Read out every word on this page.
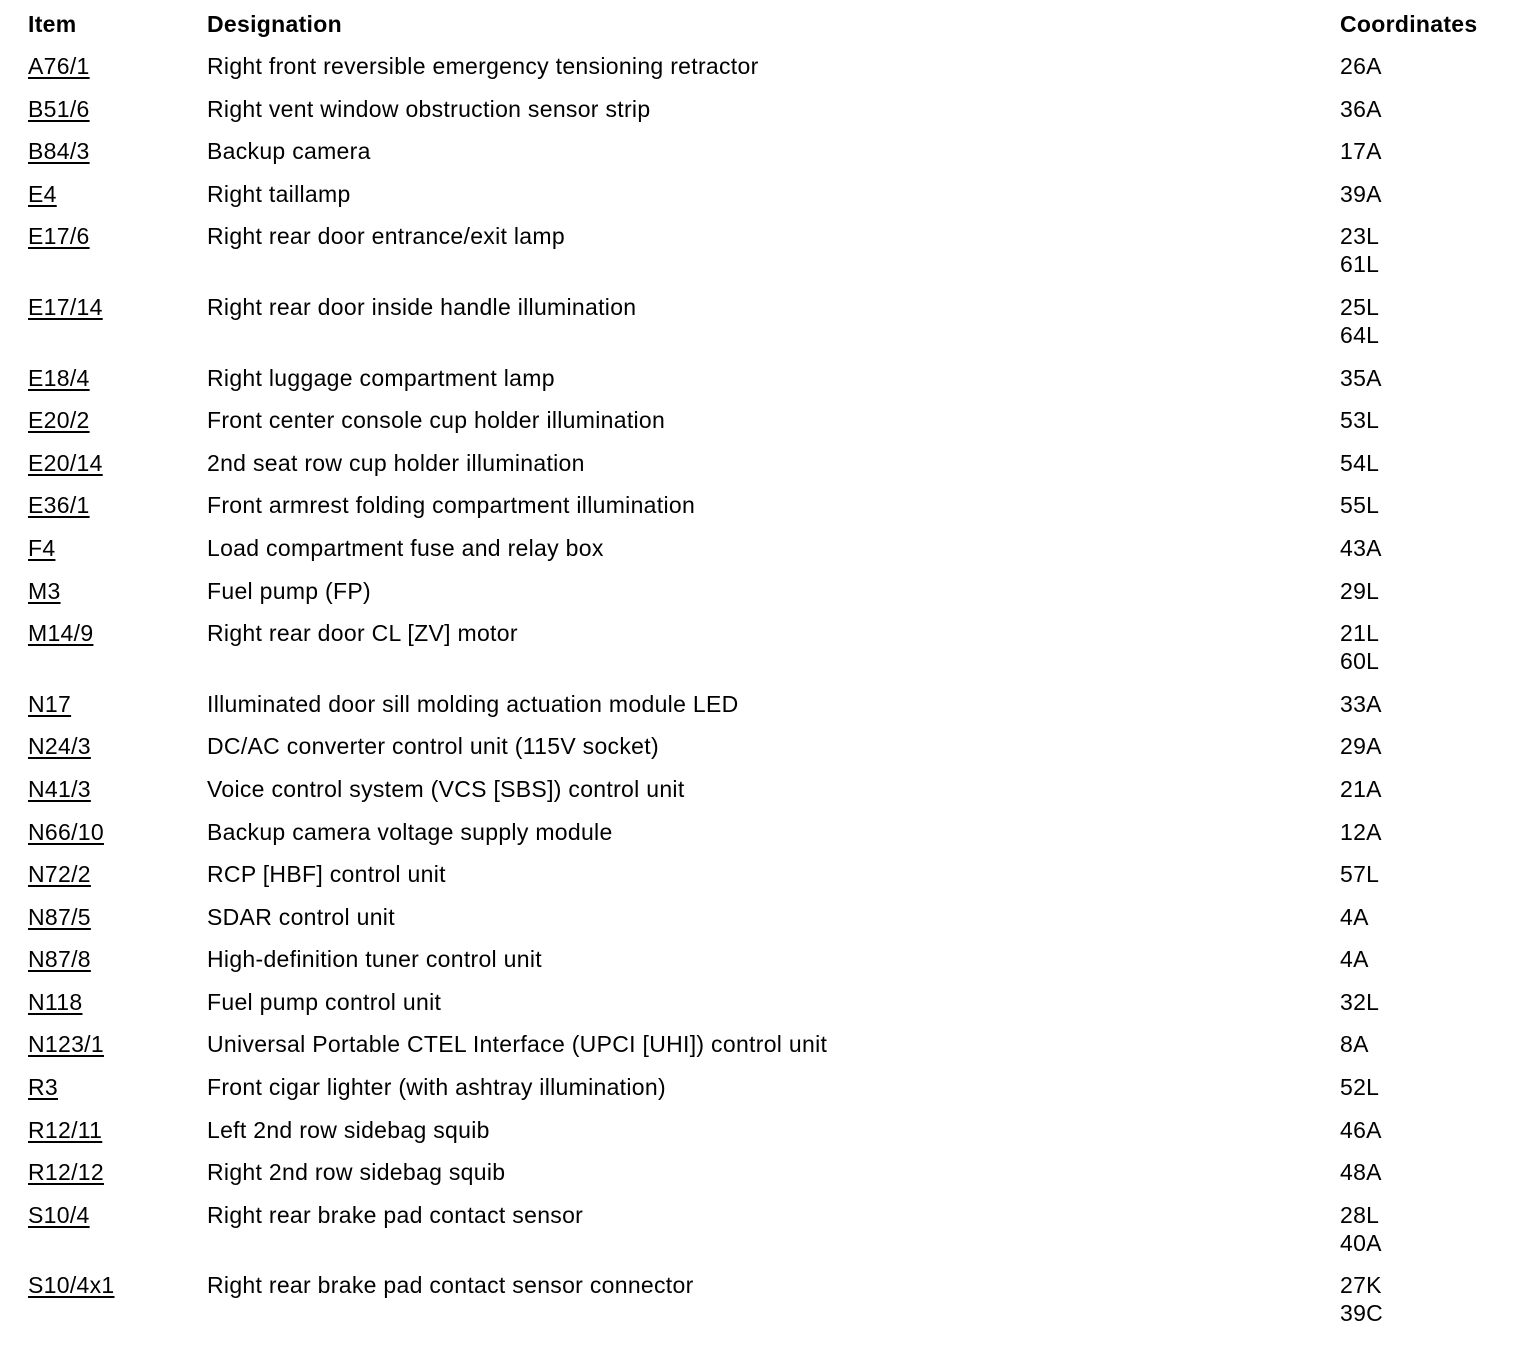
Item	Designation	Coordinates
A76/1	Right front reversible emergency tensioning retractor	26A
B51/6	Right vent window obstruction sensor strip	36A
B84/3	Backup camera	17A
E4	Right taillamp	39A
E17/6	Right rear door entrance/exit lamp	23L
61L
E17/14	Right rear door inside handle illumination	25L
64L
E18/4	Right luggage compartment lamp	35A
E20/2	Front center console cup holder illumination	53L
E20/14	2nd seat row cup holder illumination	54L
E36/1	Front armrest folding compartment illumination	55L
F4	Load compartment fuse and relay box	43A
M3	Fuel pump (FP)	29L
M14/9	Right rear door CL [ZV] motor	21L
60L
N17	Illuminated door sill molding actuation module LED	33A
N24/3	DC/AC converter control unit (115V socket)	29A
N41/3	Voice control system (VCS [SBS]) control unit	21A
N66/10	Backup camera voltage supply module	12A
N72/2	RCP [HBF] control unit	57L
N87/5	SDAR control unit	4A
N87/8	High-definition tuner control unit	4A
N118	Fuel pump control unit	32L
N123/1	Universal Portable CTEL Interface (UPCI [UHI]) control unit	8A
R3	Front cigar lighter (with ashtray illumination)	52L
R12/11	Left 2nd row sidebag squib	46A
R12/12	Right 2nd row sidebag squib	48A
S10/4	Right rear brake pad contact sensor	28L
40A
S10/4x1	Right rear brake pad contact sensor connector	27K
39C
